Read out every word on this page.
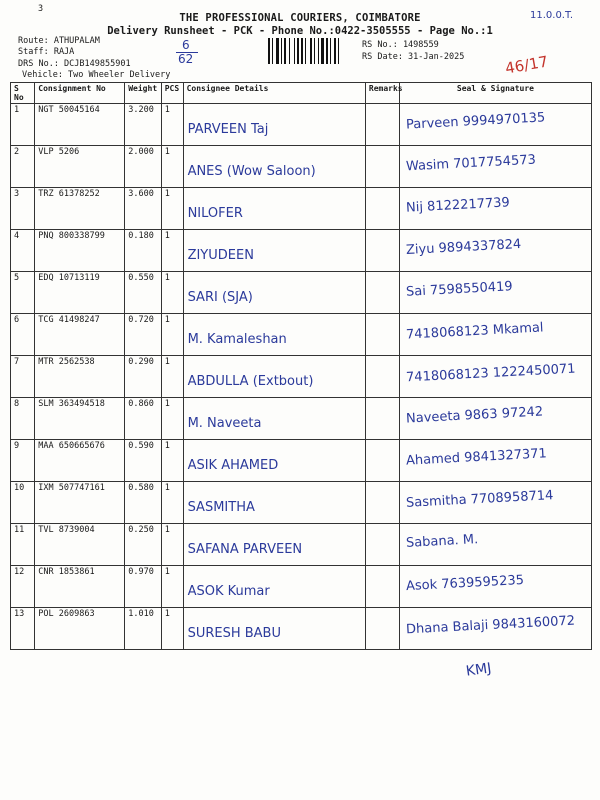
3
11.0.0.T.
THE PROFESSIONAL COURIERS, COIMBATORE
Delivery Runsheet - PCK - Phone No.:0422-3505555 - Page No.:1
Route: ATHUPALAM
Staff: RAJA
DRS No.: DCJB149855901
Vehicle: Two Wheeler Delivery
RS No.: 1498559
RS Date: 31-Jan-2025
6
62	46/17
S No	Consignment No	Weight	PCS	Consignee Details	Remarks	Seal & Signature
1	NGT 50045164	3.200	1	PARVEEN Taj		Parveen 9994970135

2	VLP 5206	2.000	1	ANES (Wow Saloon)		Wasim 7017754573

3	TRZ 61378252	3.600	1	NILOFER		Nij 8122217739

4	PNQ 800338799	0.180	1	ZIYUDEEN		Ziyu 9894337824

5	EDQ 10713119	0.550	1	SARI (SJA)		Sai 7598550419

6	TCG 41498247	0.720	1	M. Kamaleshan		7418068123 Mkamal

7	MTR 2562538	0.290	1	ABDULLA (Extbout)		7418068123 1222450071

8	SLM 363494518	0.860	1	M. Naveeta		Naveeta 9863 97242

9	MAA 650665676	0.590	1	ASIK AHAMED		Ahamed 9841327371

10	IXM 507747161	0.580	1	SASMITHA		Sasmitha 7708958714

11	TVL 8739004	0.250	1	SAFANA PARVEEN		Sabana. M.

12	CNR 1853861	0.970	1	ASOK Kumar		Asok 7639595235

13	POL 2609863	1.010	1	SURESH BABU		Dhana Balaji 9843160072
KMJ
